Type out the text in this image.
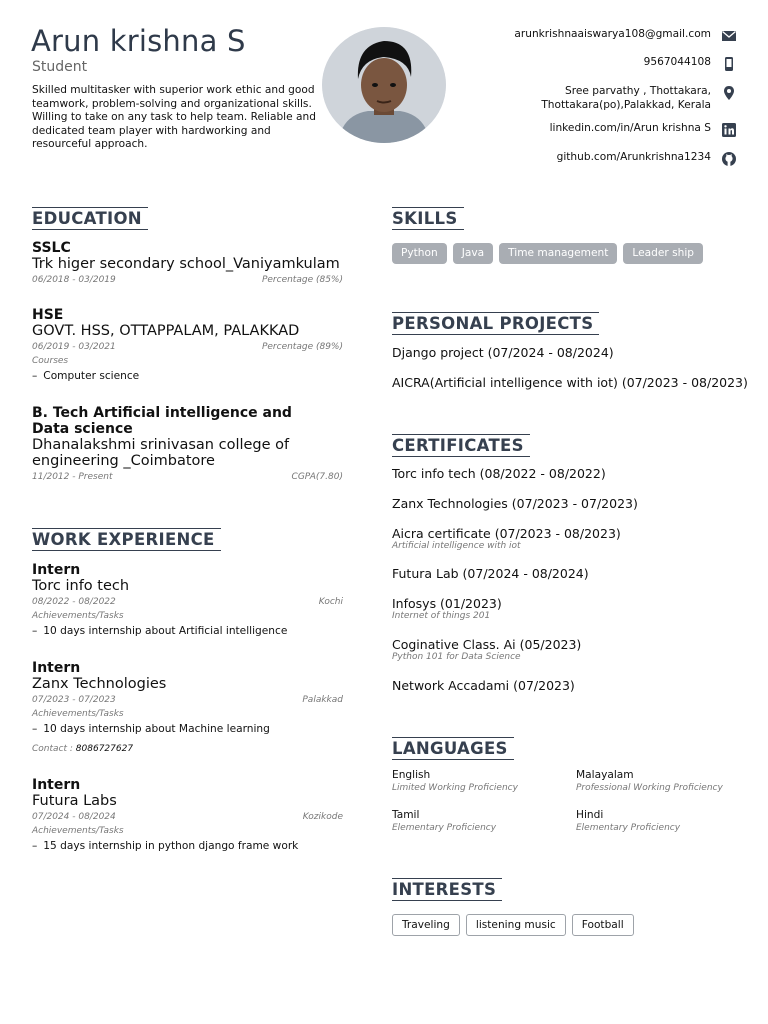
Arun krishna S
Student
Skilled multitasker with superior work ethic and good teamwork, problem-solving and organizational skills. Willing to take on any task to help team. Reliable and dedicated team player with hardworking and resourceful approach.
arunkrishnaaiswarya108@gmail.com
9567044108
Sree parvathy , Thottakara,
Thottakara(po),Palakkad, Kerala
linkedin.com/in/Arun krishna S
github.com/Arunkrishna1234
EDUCATION
SSLC
Trk higer secondary school_Vaniyamkulam
06/2018 - 03/2019	Percentage (85%)
HSE
GOVT. HSS, OTTAPPALAM, PALAKKAD
06/2019 - 03/2021	Percentage (89%)
Courses
– Computer science
B. Tech Artificial intelligence and Data science
Dhanalakshmi srinivasan college of engineering _Coimbatore
11/2012 - Present	CGPA(7.80)
WORK EXPERIENCE
Intern
Torc info tech
08/2022 - 08/2022	Kochi
Achievements/Tasks
– 10 days internship about Artificial intelligence
Intern
Zanx Technologies
07/2023 - 07/2023	Palakkad
Achievements/Tasks
– 10 days internship about Machine learning
Contact : 8086727627
Intern
Futura Labs
07/2024 - 08/2024	Kozikode
Achievements/Tasks
– 15 days internship in python django frame work
SKILLS
Python	Java	Time management	Leader ship
PERSONAL PROJECTS
Django project (07/2024 - 08/2024)
AICRA(Artificial intelligence with iot) (07/2023 - 08/2023)
CERTIFICATES
Torc info tech (08/2022 - 08/2022)
Zanx Technologies (07/2023 - 07/2023)
Aicra certificate (07/2023 - 08/2023)
Artificial intelligence with iot
Futura Lab (07/2024 - 08/2024)
Infosys (01/2023)
Internet of things 201
Coginative Class. Ai (05/2023)
Python 101 for Data Science
Network Accadami (07/2023)
LANGUAGES
English
Limited Working Proficiency
Malayalam
Professional Working Proficiency
Tamil
Elementary Proficiency
Hindi
Elementary Proficiency
INTERESTS
Traveling	listening music	Football
